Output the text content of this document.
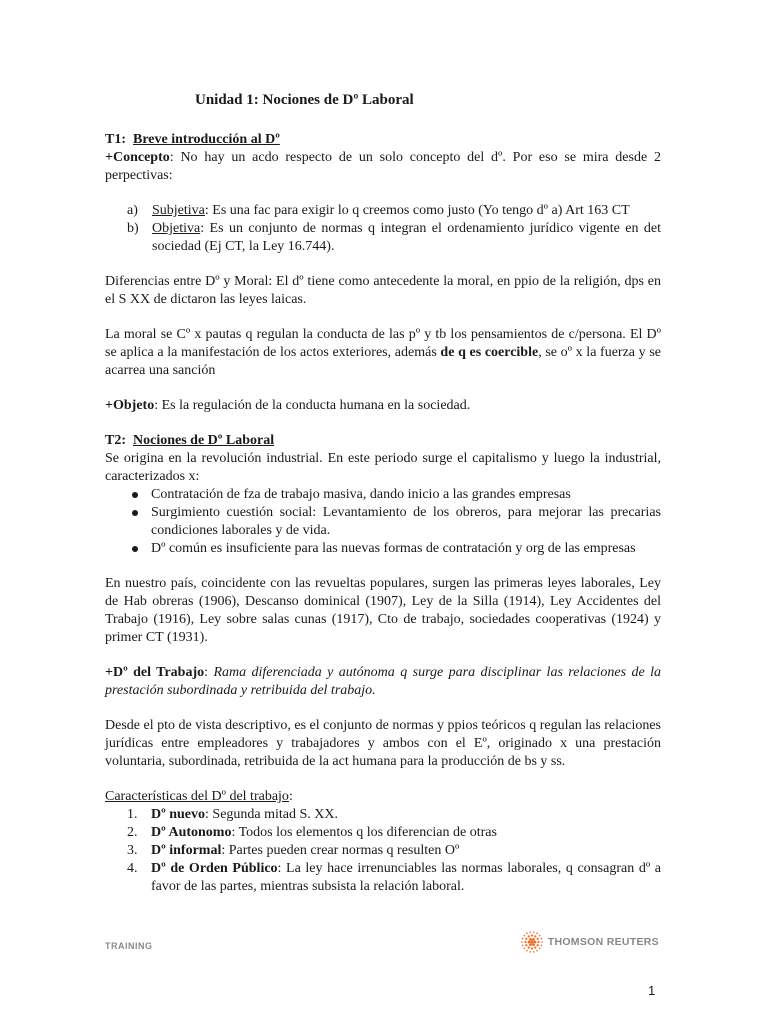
Unidad 1: Nociones de Dº Laboral

T1: Breve introducción al Dº

+Concepto: No hay un acdo respecto de un solo concepto del dº. Por eso se mira desde 2 perpectivas:

a) Subjetiva: Es una fac para exigir lo q creemos como justo (Yo tengo dº a) Art 163 CT
b) Objetiva: Es un conjunto de normas q integran el ordenamiento jurídico vigente en det sociedad (Ej CT, la Ley 16.744).

Diferencias entre Dº y Moral: El dº tiene como antecedente la moral, en ppio de la religión, dps en el S XX de dictaron las leyes laicas.

La moral se Cº x pautas q regulan la conducta de las pº y tb los pensamientos de c/persona. El Dº se aplica a la manifestación de los actos exteriores, además de q es coercible, se oº x la fuerza y se acarrea una sanción

+Objeto: Es la regulación de la conducta humana en la sociedad.

T2: Nociones de Dº Laboral

Se origina en la revolución industrial. En este periodo surge el capitalismo y luego la industrial, caracterizados x:

Contratación de fza de trabajo masiva, dando inicio a las grandes empresas
Surgimiento cuestión social: Levantamiento de los obreros, para mejorar las precarias condiciones laborales y de vida.
Dº común es insuficiente para las nuevas formas de contratación y org de las empresas

En nuestro país, coincidente con las revueltas populares, surgen las primeras leyes laborales, Ley de Hab obreras (1906), Descanso dominical (1907), Ley de la Silla (1914), Ley Accidentes del Trabajo (1916), Ley sobre salas cunas (1917), Cto de trabajo, sociedades cooperativas (1924) y primer CT (1931).

+Dº del Trabajo: Rama diferenciada y autónoma q surge para disciplinar las relaciones de la prestación subordinada y retribuida del trabajo.

Desde el pto de vista descriptivo, es el conjunto de normas y ppios teóricos q regulan las relaciones jurídicas entre empleadores y trabajadores y ambos con el Eº, originado x una prestación voluntaria, subordinada, retribuida de la act humana para la producción de bs y ss.

Características del Dº del trabajo:

1. Dº nuevo: Segunda mitad S. XX.
2. Dº Autonomo: Todos los elementos q los diferencian de otras
3. Dº informal: Partes pueden crear normas q resulten Oº
4. Dº de Orden Público: La ley hace irrenunciables las normas laborales, q consagran dº a favor de las partes, mientras subsista la relación laboral.
TRAINING	THOMSON REUTERS
1
